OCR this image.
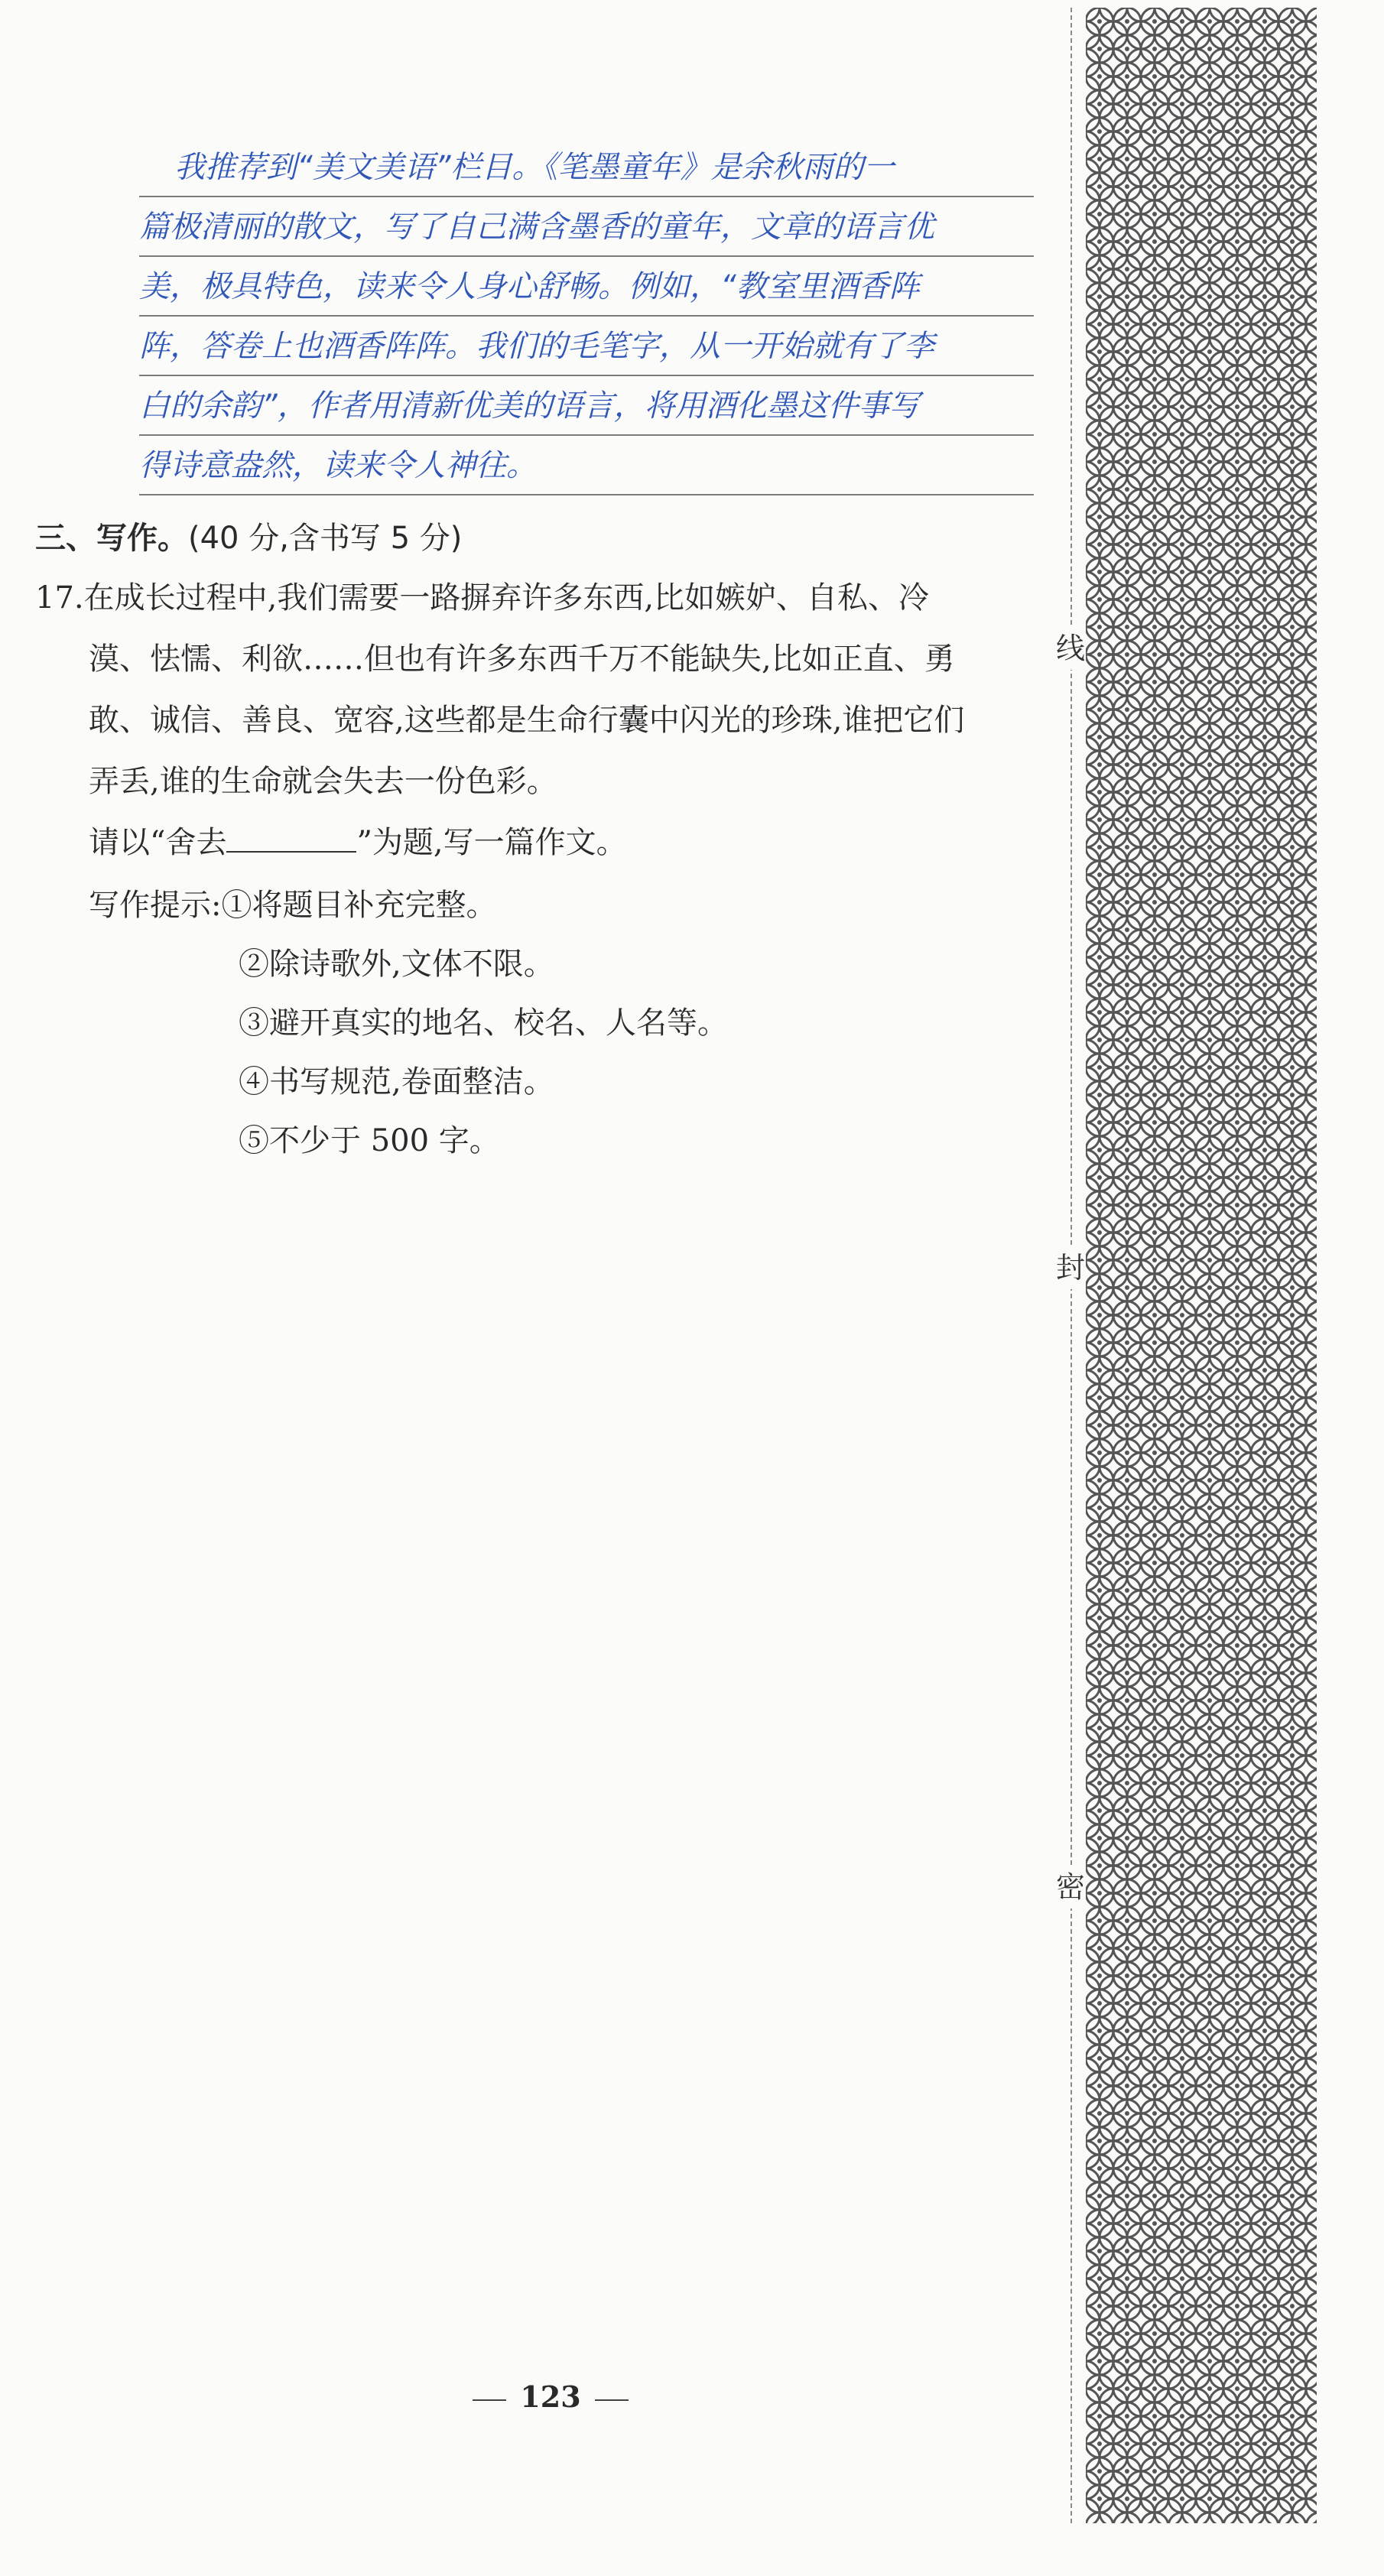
我推荐到“美文美语”栏目。《笔墨童年》是余秋雨的一
篇极清丽的散文，写了自己满含墨香的童年，文章的语言优
美，极具特色，读来令人身心舒畅。例如，“教室里酒香阵
阵，答卷上也酒香阵阵。我们的毛笔字，从一开始就有了李
白的余韵”，作者用清新优美的语言，将用酒化墨这件事写
得诗意盎然，读来令人神往。
三、写作。(40 分,含书写 5 分)
17.在成长过程中,我们需要一路摒弃许多东西,比如嫉妒、自私、冷
漠、怯懦、利欲……但也有许多东西千万不能缺失,比如正直、勇
敢、诚信、善良、宽容,这些都是生命行囊中闪光的珍珠,谁把它们
弄丢,谁的生命就会失去一份色彩。
请以“舍去	”为题,写一篇作文。
写作提示:①将题目补充完整。
②除诗歌外,文体不限。
③避开真实的地名、校名、人名等。
④书写规范,卷面整洁。
⑤不少于 500 字。
123
线
封
密
